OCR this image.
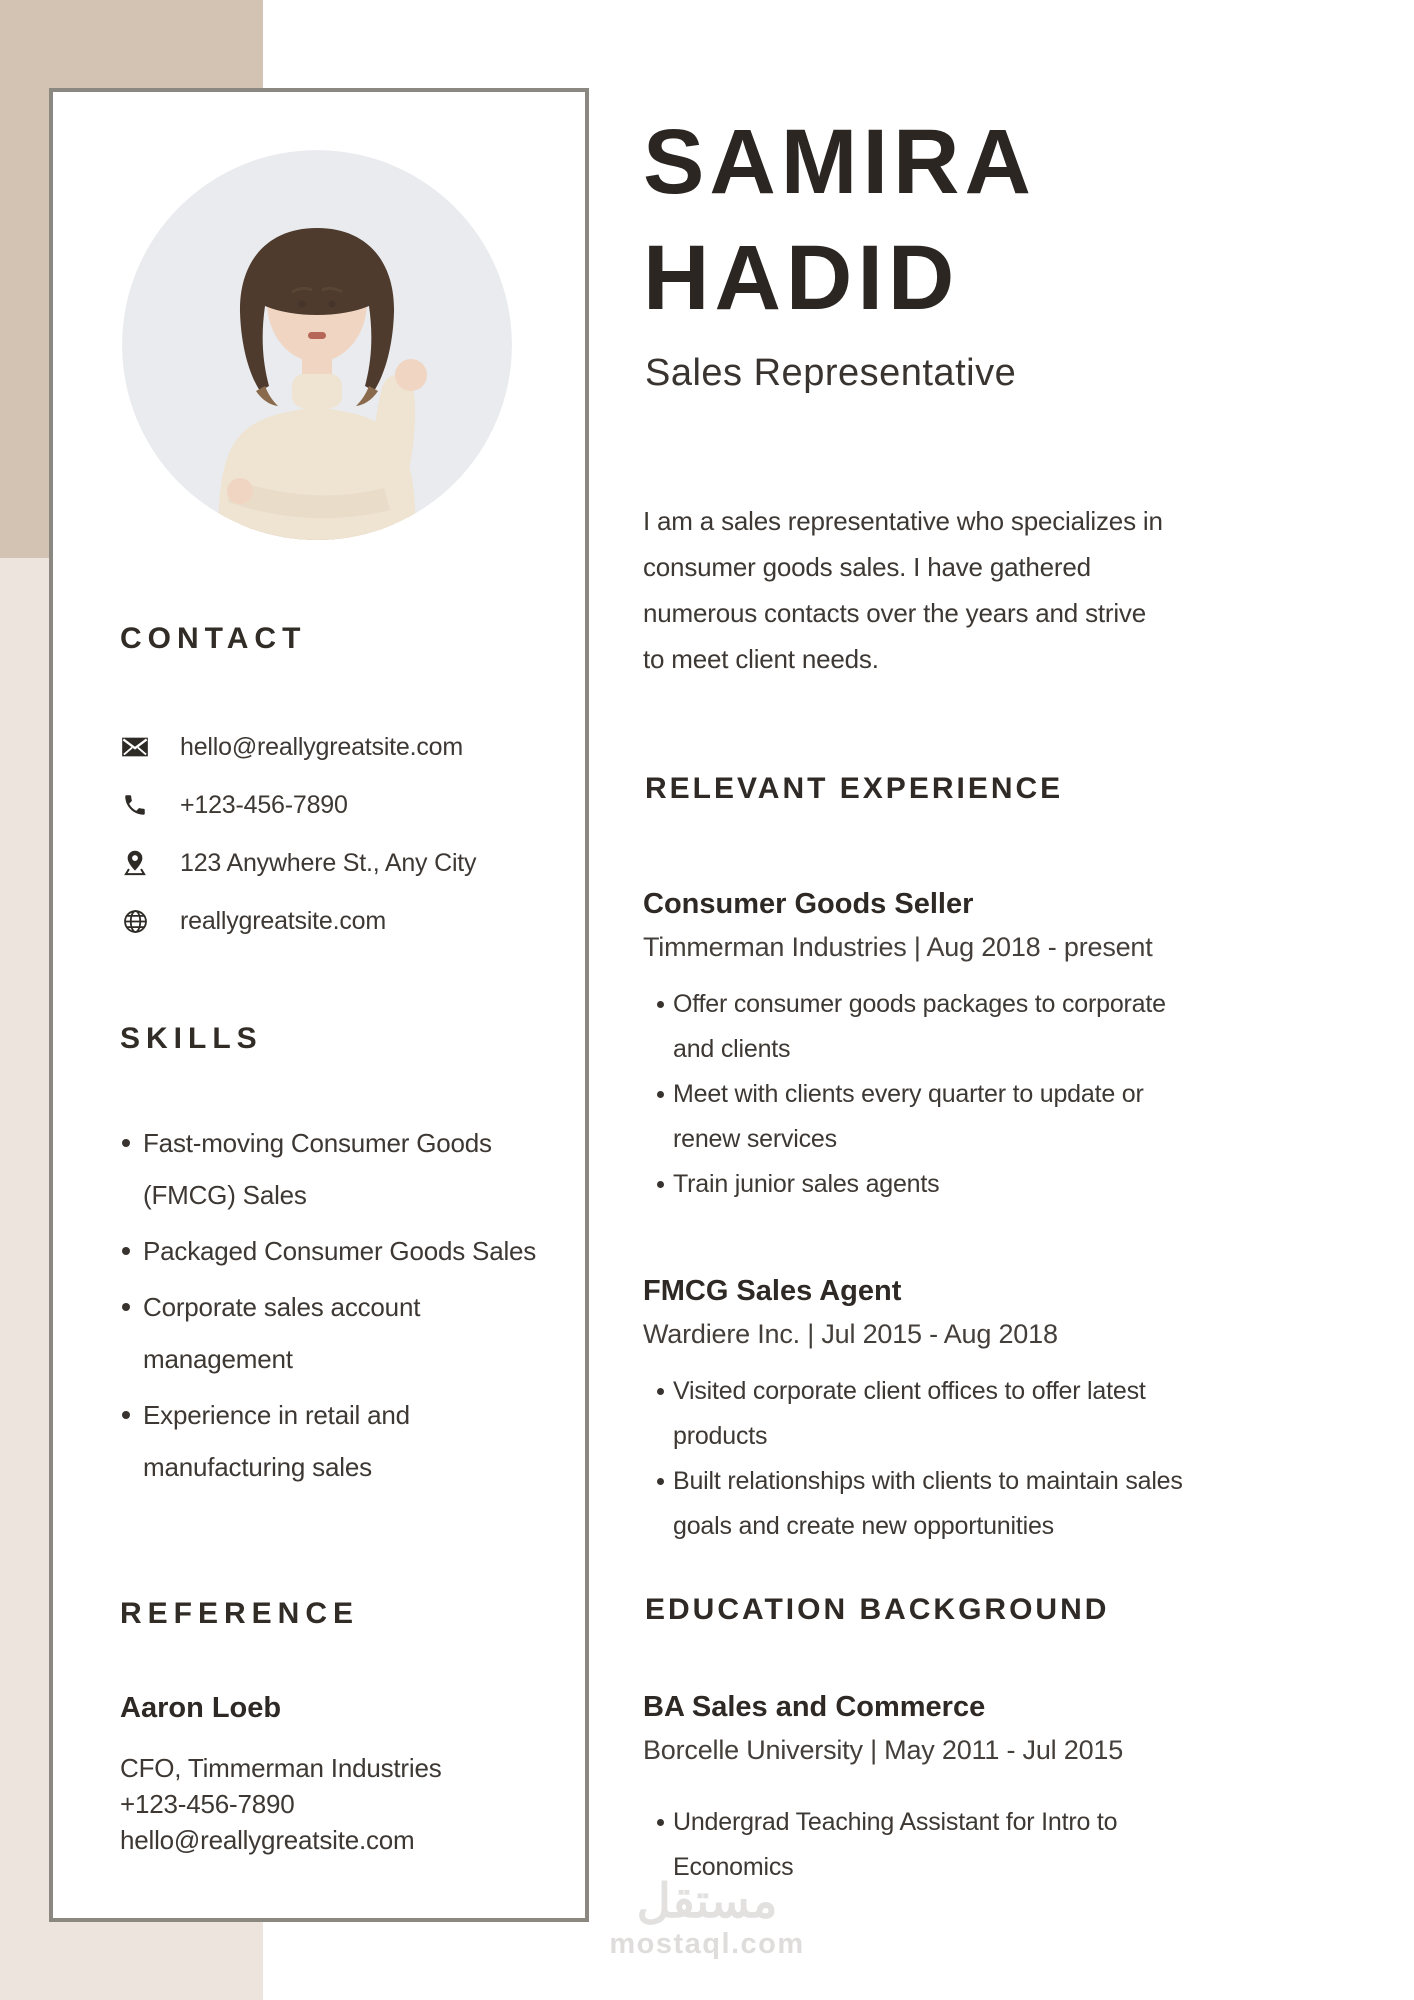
CONTACT
hello@reallygreatsite.com
+123-456-7890
123 Anywhere St., Any City
reallygreatsite.com
SKILLS
Fast-moving Consumer Goods (FMCG) Sales
Packaged Consumer Goods Sales
Corporate sales account management
Experience in retail and manufacturing sales
REFERENCE
Aaron Loeb
CFO, Timmerman Industries
+123-456-7890
hello@reallygreatsite.com
SAMIRA HADID
Sales Representative

I am a sales representative who specializes in consumer goods sales. I have gathered numerous contacts over the years and strive to meet client needs.

RELEVANT EXPERIENCE
Consumer Goods Seller
Timmerman Industries | Aug 2018 - present
Offer consumer goods packages to corporate and clients
Meet with clients every quarter to update or renew services
Train junior sales agents
FMCG Sales Agent
Wardiere Inc. | Jul 2015 - Aug 2018
Visited corporate client offices to offer latest products
Built relationships with clients to maintain sales goals and create new opportunities
EDUCATION BACKGROUND
BA Sales and Commerce
Borcelle University | May 2011 - Jul 2015
Undergrad Teaching Assistant for Intro to Economics
مستقل
mostaql.com
